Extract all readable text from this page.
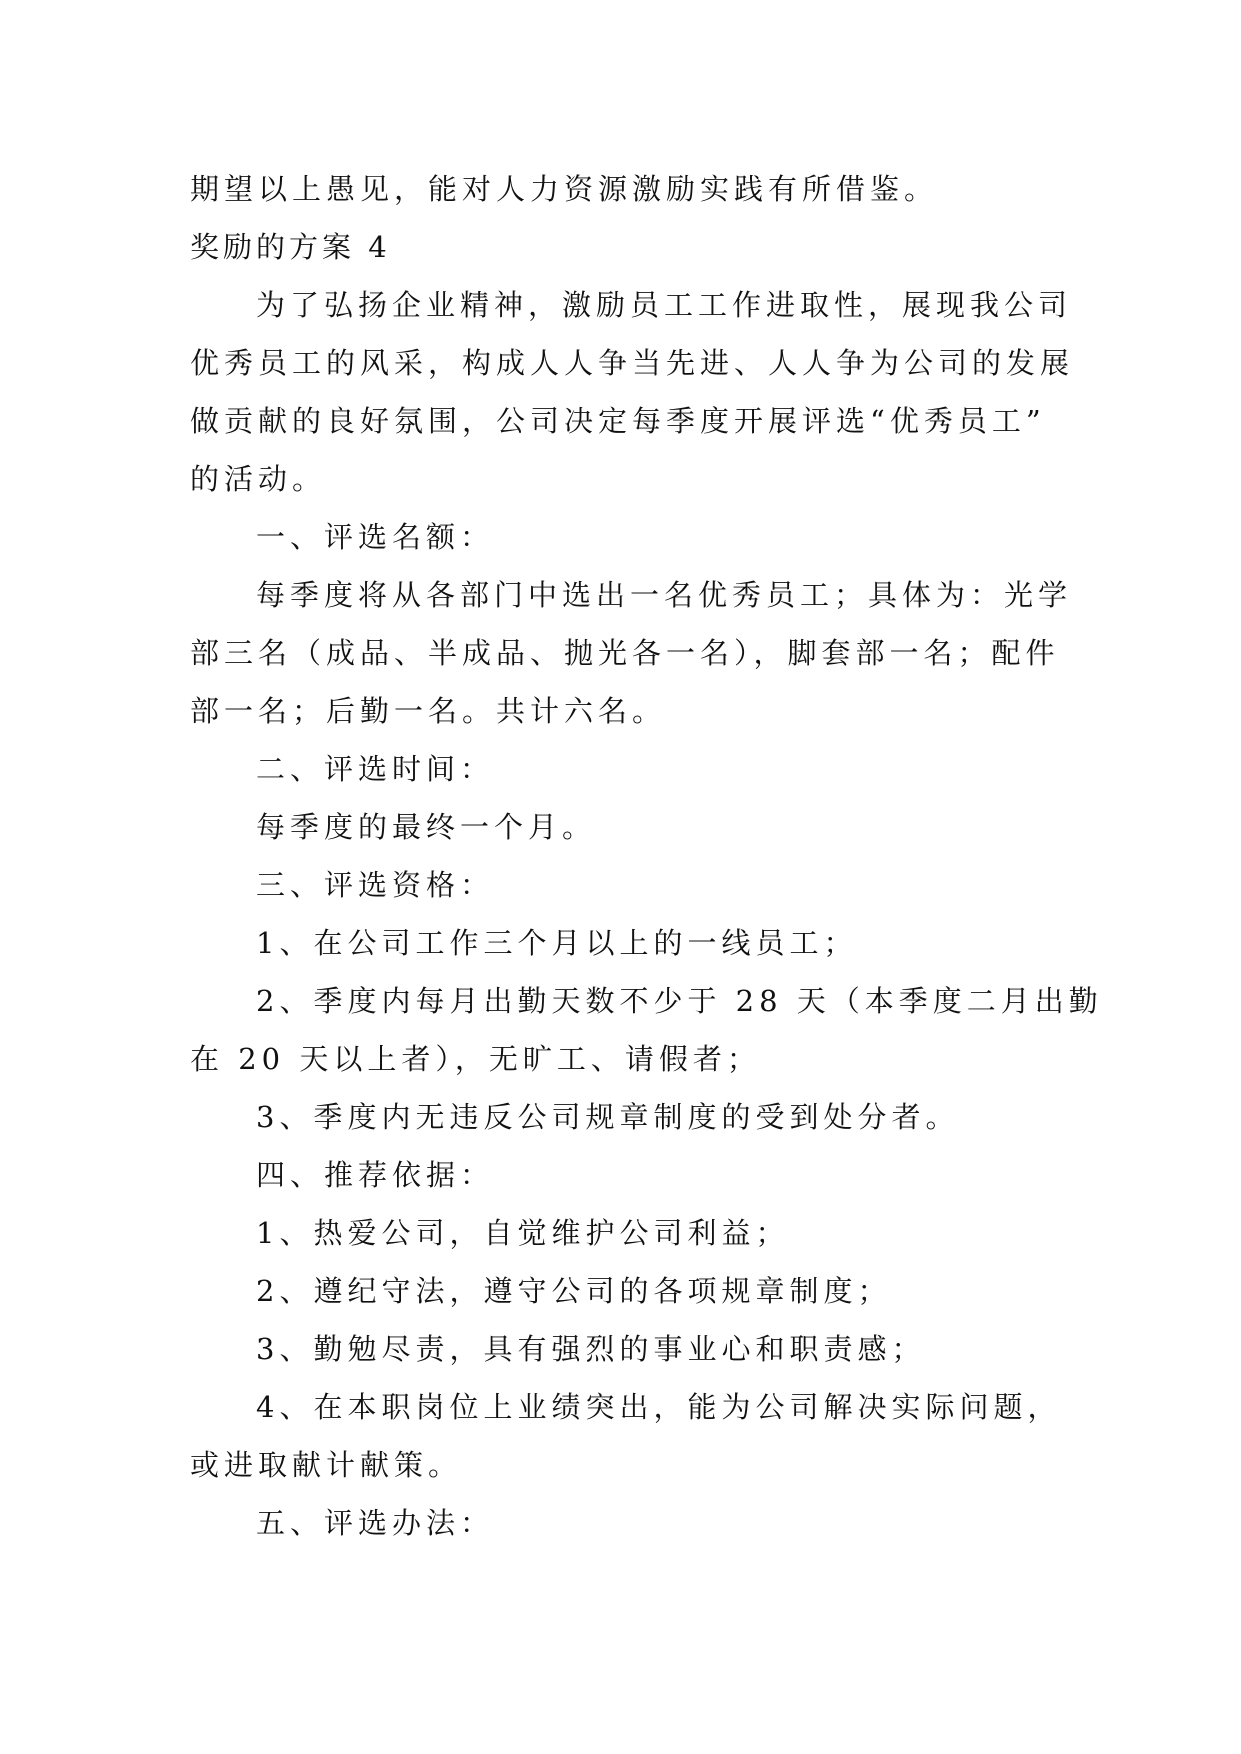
期望以上愚见，能对人力资源激励实践有所借鉴。
奖励的方案 4
为了弘扬企业精神，激励员工工作进取性，展现我公司
优秀员工的风采，构成人人争当先进、人人争为公司的发展
做贡献的良好氛围，公司决定每季度开展评选“优秀员工”
的活动。
一、评选名额：
每季度将从各部门中选出一名优秀员工；具体为：光学
部三名（成品、半成品、抛光各一名），脚套部一名；配件
部一名；后勤一名。共计六名。
二、评选时间：
每季度的最终一个月。
三、评选资格：
1、在公司工作三个月以上的一线员工；
2、季度内每月出勤天数不少于 28 天（本季度二月出勤
在 20 天以上者），无旷工、请假者；
3、季度内无违反公司规章制度的受到处分者。
四、推荐依据：
1、热爱公司，自觉维护公司利益；
2、遵纪守法，遵守公司的各项规章制度；
3、勤勉尽责，具有强烈的事业心和职责感；
4、在本职岗位上业绩突出，能为公司解决实际问题，
或进取献计献策。
五、评选办法：
